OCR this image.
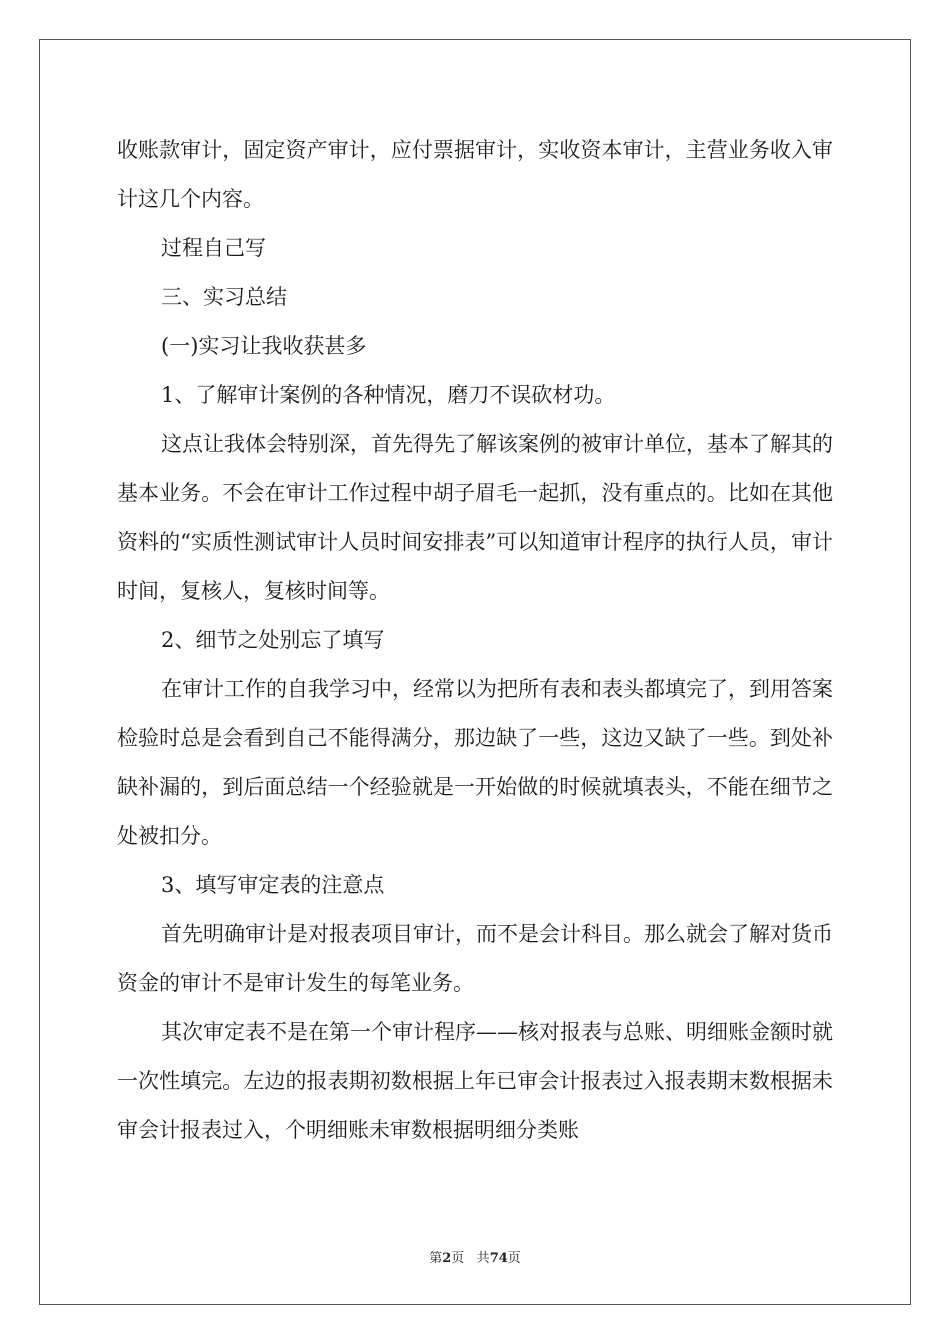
收账款审计，固定资产审计，应付票据审计，实收资本审计，主营业务收入审计这几个内容。

过程自己写

三、实习总结

(一)实习让我收获甚多

1、了解审计案例的各种情况，磨刀不误砍材功。

这点让我体会特别深，首先得先了解该案例的被审计单位，基本了解其的基本业务。不会在审计工作过程中胡子眉毛一起抓，没有重点的。比如在其他资料的“实质性测试审计人员时间安排表”可以知道审计程序的执行人员，审计时间，复核人，复核时间等。

2、细节之处别忘了填写

在审计工作的自我学习中，经常以为把所有表和表头都填完了，到用答案检验时总是会看到自己不能得满分，那边缺了一些，这边又缺了一些。到处补缺补漏的，到后面总结一个经验就是一开始做的时候就填表头，不能在细节之处被扣分。

3、填写审定表的注意点

首先明确审计是对报表项目审计，而不是会计科目。那么就会了解对货币资金的审计不是审计发生的每笔业务。

其次审定表不是在第一个审计程序——核对报表与总账、明细账金额时就一次性填完。左边的报表期初数根据上年已审会计报表过入报表期末数根据未审会计报表过入，个明细账未审数根据明细分类账

第2页 共74页
